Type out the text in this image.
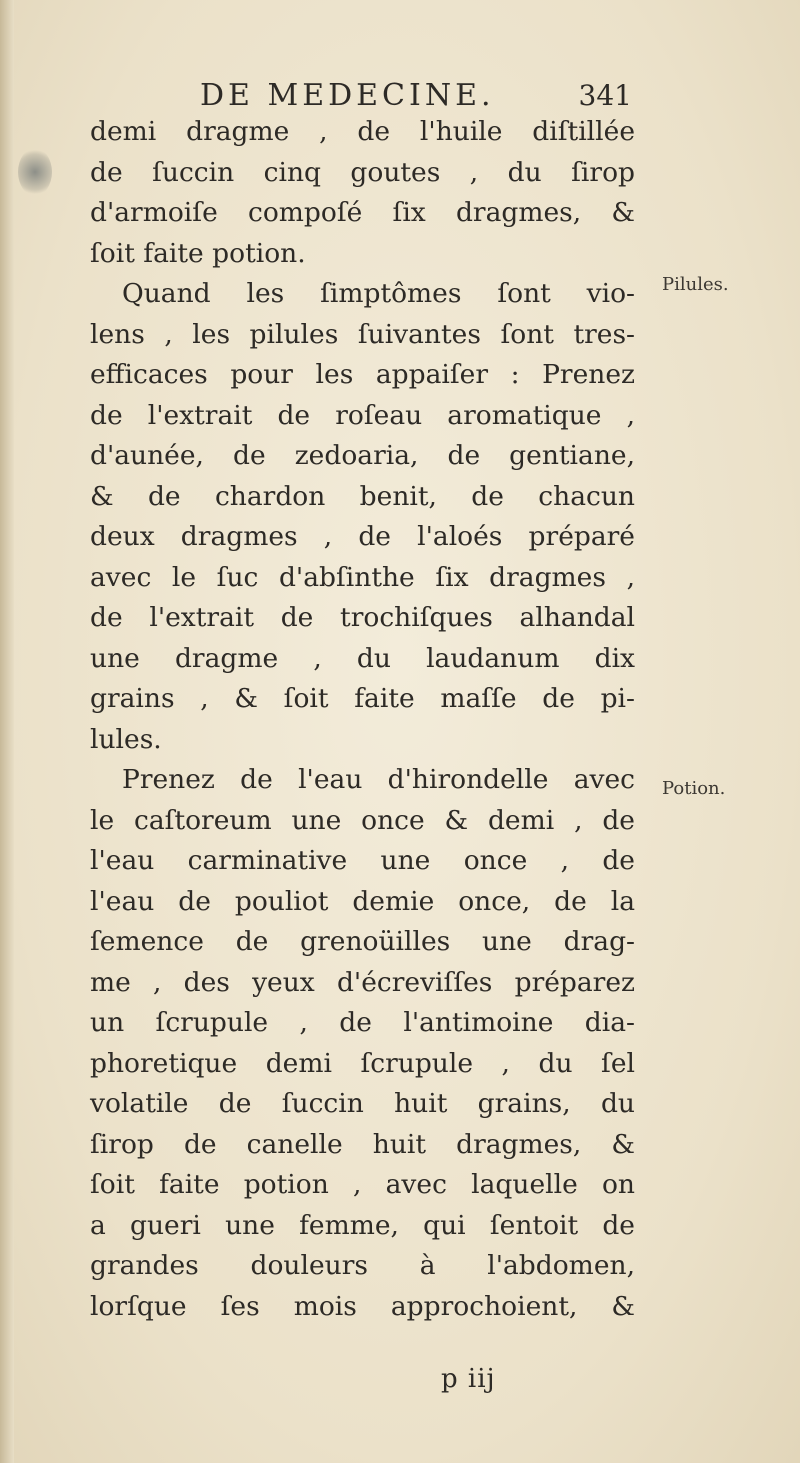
DE MEDECINE.	341
demi dragme , de l'huile diſtillée
de ſuccin cinq goutes , du ſirop
d'armoiſe compoſé ſix dragmes, &
ſoit faite potion.
Quand les ſimptômes ſont vio-
lens , les pilules ſuivantes ſont tres-
efficaces pour les appaiſer : Prenez
de l'extrait de roſeau aromatique ,
d'aunée, de zedoaria, de gentiane,
& de chardon benit, de chacun
deux dragmes , de l'aloés préparé
avec le ſuc d'abſinthe ſix dragmes ,
de l'extrait de trochiſques alhandal
une dragme , du laudanum dix
grains , & ſoit faite maſſe de pi-
lules.
Prenez de l'eau d'hirondelle avec
le caſtoreum une once & demi , de
l'eau carminative une once , de
l'eau de pouliot demie once, de la
ſemence de grenoüilles une drag-
me , des yeux d'écreviſſes préparez
un ſcrupule , de l'antimoine dia-
phoretique demi ſcrupule , du ſel
volatile de ſuccin huit grains, du
ſirop de canelle huit dragmes, &
ſoit faite potion , avec laquelle on
a gueri une femme, qui ſentoit de
grandes douleurs à l'abdomen,
lorſque ſes mois approchoient, &
Pilules.
Potion.
p iij
